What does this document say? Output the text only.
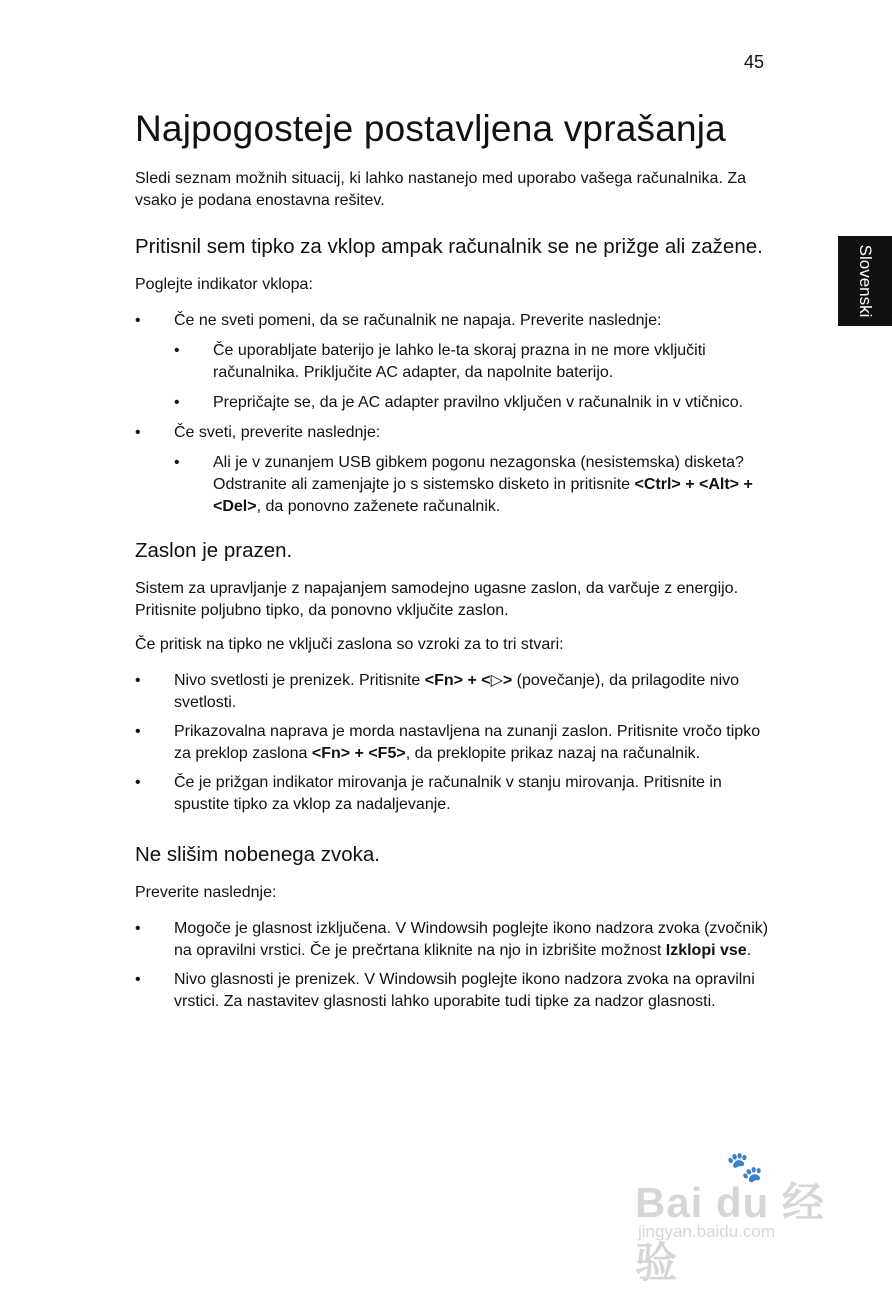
45
Slovenski
Najpogosteje postavljena vprašanja

Sledi seznam možnih situacij, ki lahko nastanejo med uporabo vašega računalnika. Za vsako je podana enostavna rešitev.

Pritisnil sem tipko za vklop ampak računalnik se ne prižge ali zažene.

Poglejte indikator vklopa:

• Če ne sveti pomeni, da se računalnik ne napaja. Preverite naslednje:
• Če uporabljate baterijo je lahko le-ta skoraj prazna in ne more vključiti računalnika. Priključite AC adapter, da napolnite baterijo.
• Prepričajte se, da je AC adapter pravilno vključen v računalnik in v vtičnico.
• Če sveti, preverite naslednje:
• Ali je v zunanjem USB gibkem pogonu nezagonska (nesistemska) disketa? Odstranite ali zamenjajte jo s sistemsko disketo in pritisnite <Ctrl> + <Alt> + <Del>, da ponovno zaženete računalnik.
Zaslon je prazen.

Sistem za upravljanje z napajanjem samodejno ugasne zaslon, da varčuje z energijo. Pritisnite poljubno tipko, da ponovno vključite zaslon.

Če pritisk na tipko ne vključi zaslona so vzroki za to tri stvari:

• Nivo svetlosti je prenizek. Pritisnite <Fn> + <▷> (povečanje), da prilagodite nivo svetlosti.
• Prikazovalna naprava je morda nastavljena na zunanji zaslon. Pritisnite vročo tipko za preklop zaslona <Fn> + <F5>, da preklopite prikaz nazaj na računalnik.
• Če je prižgan indikator mirovanja je računalnik v stanju mirovanja. Pritisnite in spustite tipko za vklop za nadaljevanje.
Ne slišim nobenega zvoka.

Preverite naslednje:

• Mogoče je glasnost izključena. V Windowsih poglejte ikono nadzora zvoka (zvočnik) na opravilni vrstici. Če je prečrtana kliknite na njo in izbrišite možnost Izklopi vse.
• Nivo glasnosti je prenizek. V Windowsih poglejte ikono nadzora zvoka na opravilni vrstici. Za nastavitev glasnosti lahko uporabite tudi tipke za nadzor glasnosti.
🐾
Bai du 经验
jingyan.baidu.com
